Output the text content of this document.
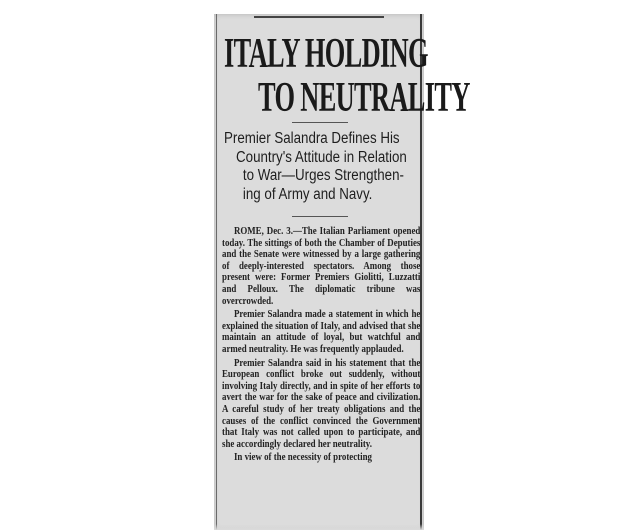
ITALY HOLDING
TO NEUTRALITY
Premier Salandra Defines His
Country's Attitude in Relation
to War—Urges Strengthen-
ing of Army and Navy.

ROME, Dec. 3.—The Italian Parliament opened today. The sittings of both the Chamber of Deputies and the Senate were witnessed by a large gathering of deeply-interested spectators. Among those present were: Former Premiers Giolitti, Luzzatti and Pelloux. The diplomatic tribune was overcrowded.

Premier Salandra made a statement in which he explained the situation of Italy, and advised that she maintain an attitude of loyal, but watchful and armed neutrality. He was frequently applauded.

Premier Salandra said in his statement that the European conflict broke out suddenly, without involving Italy directly, and in spite of her efforts to avert the war for the sake of peace and civilization. A careful study of her treaty obligations and the causes of the conflict convinced the Government that Italy was not called upon to participate, and she accordingly declared her neutrality.

In view of the necessity of protecting
